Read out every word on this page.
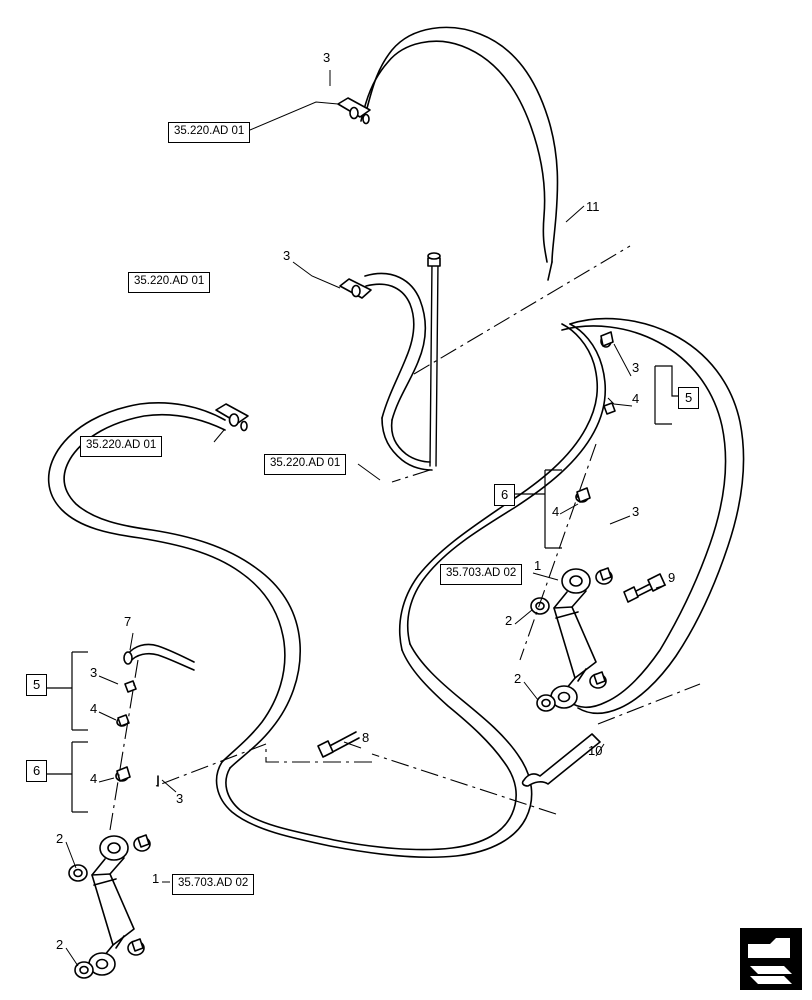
35.220.AD 01
35.220.AD 01
35.220.AD 01
35.220.AD 01
35.703.AD 02
35.703.AD 02
5
6
5
6
3
11
3
3
4
4	3
1
9
2
2
7
3
4
4
3
8
10
2
1
2
